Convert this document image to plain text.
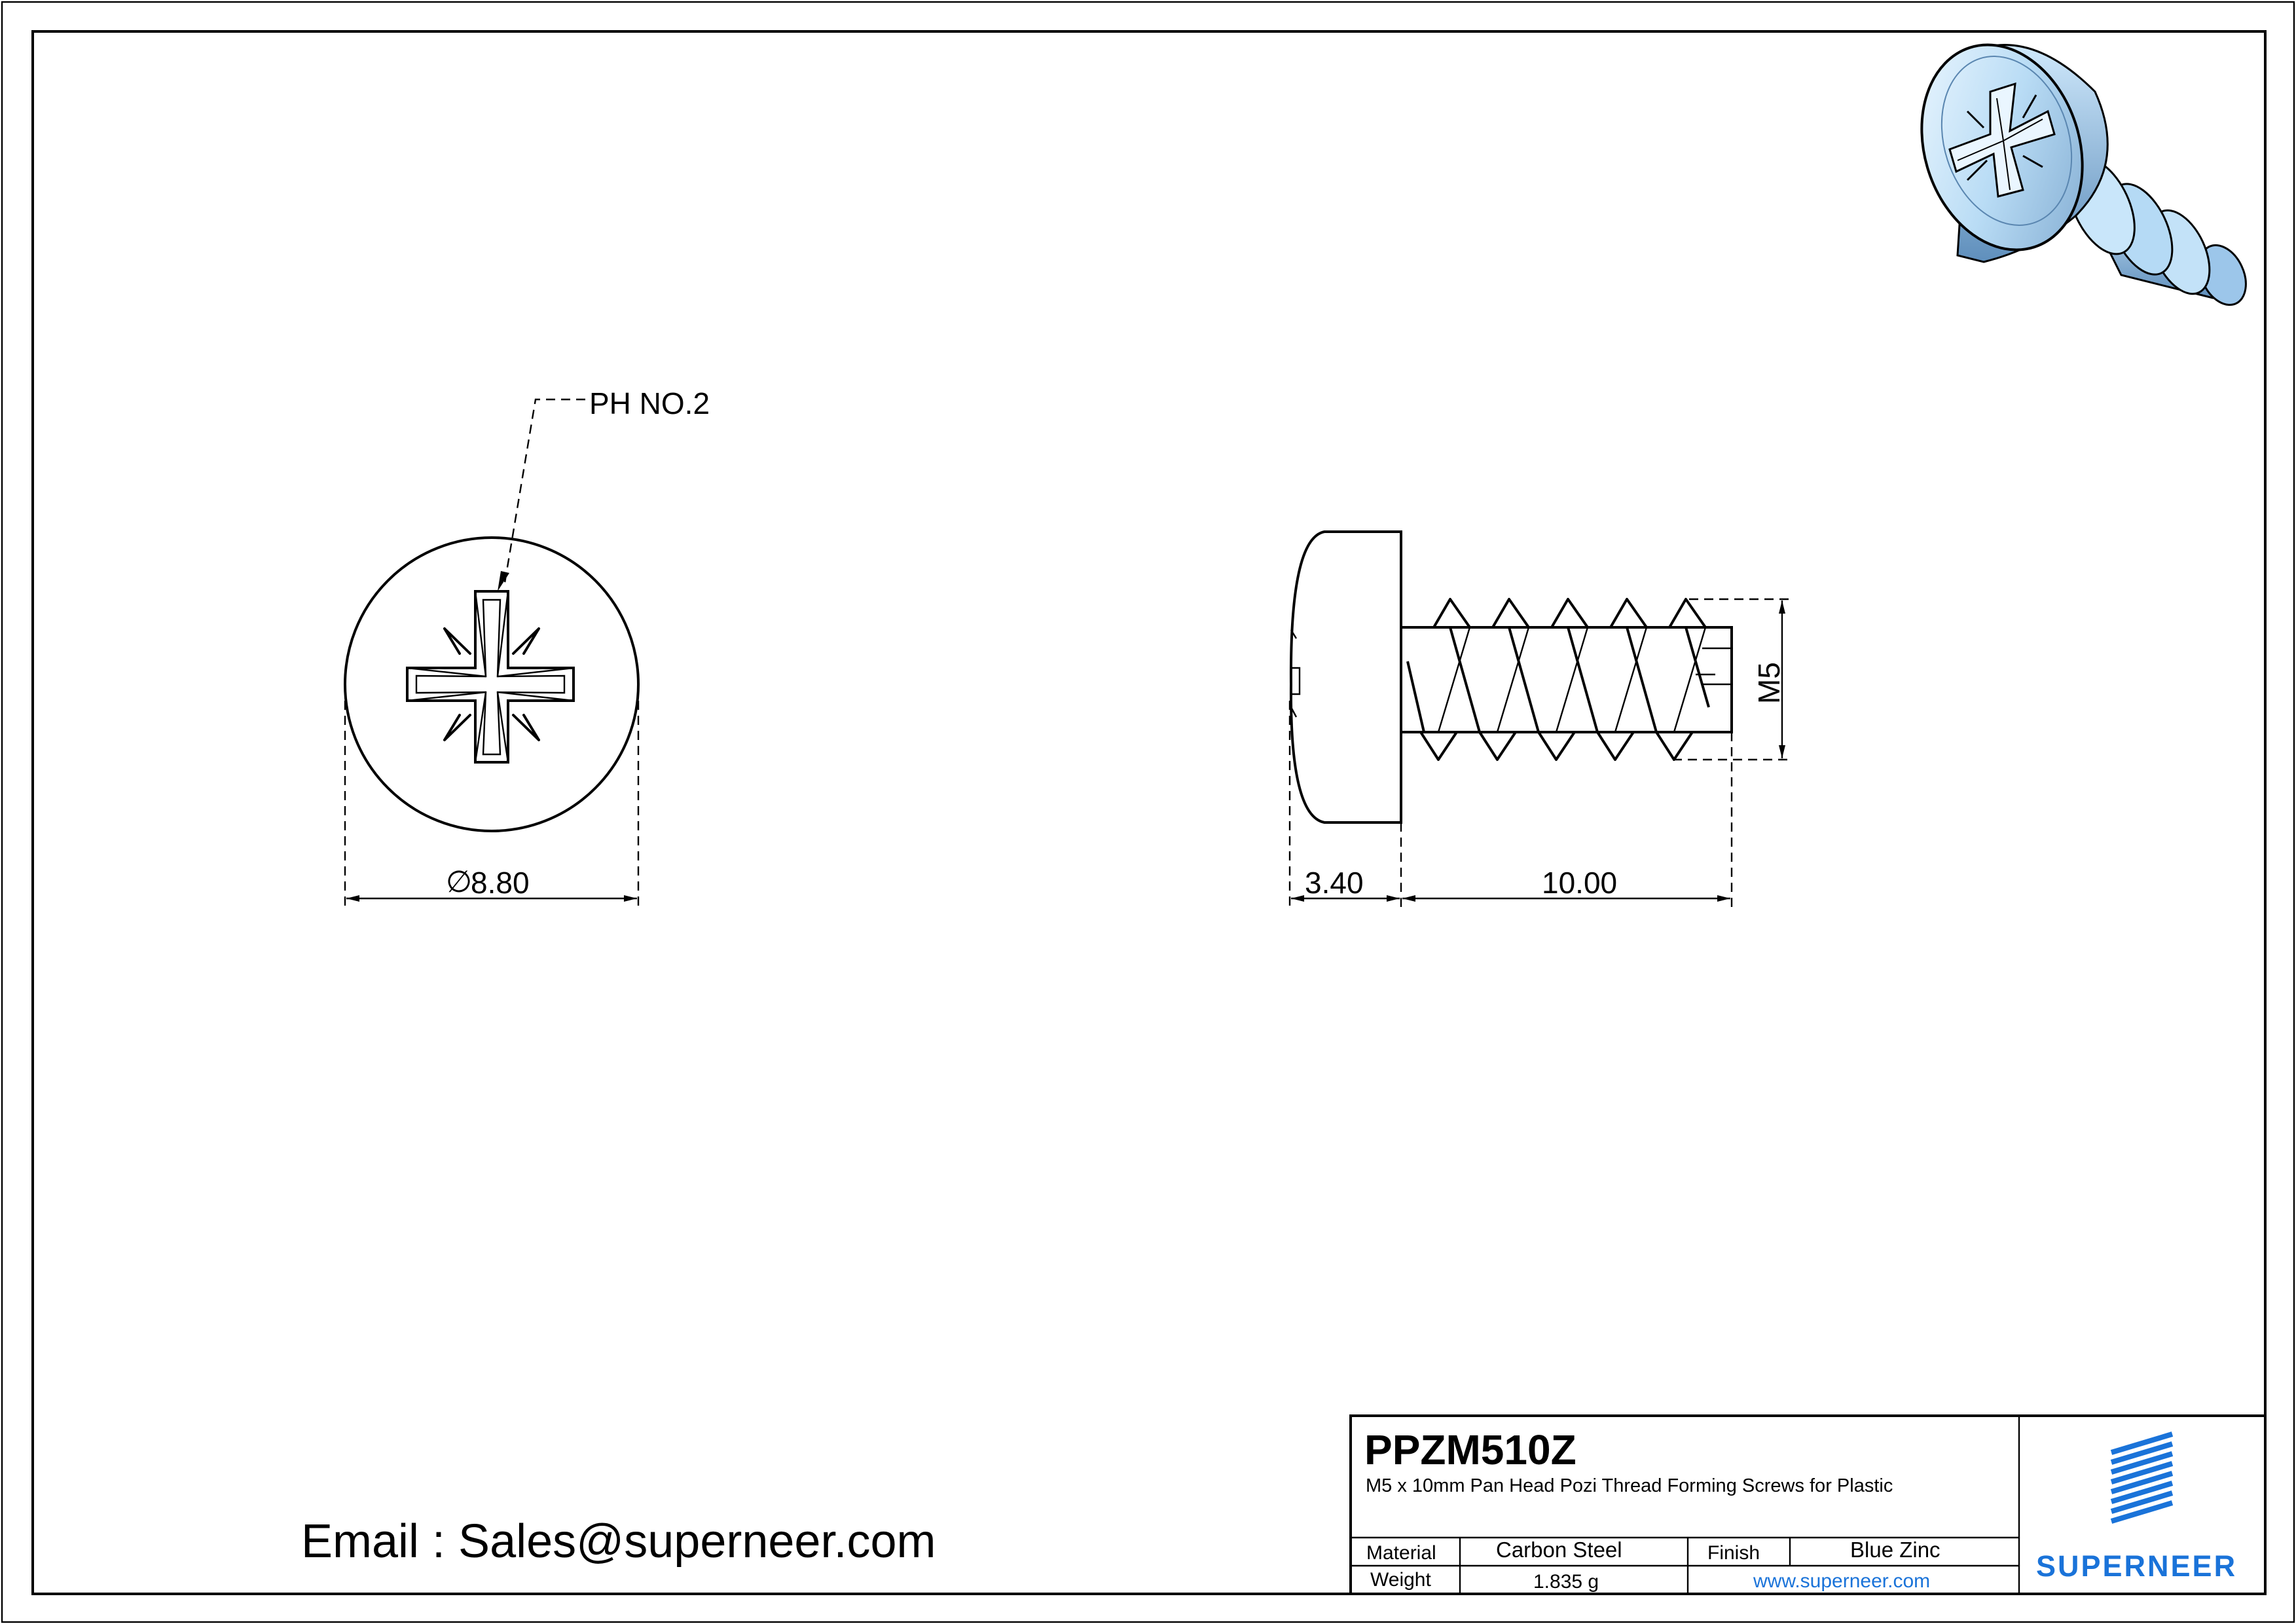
PH NO.2
∅
8.80
M5
3.40	10.00
Email : Sales@superneer.com
PPZM510Z
M5 x 10mm Pan Head Pozi Thread Forming Screws for Plastic
Material	Carbon Steel	Finish	Blue Zinc
Weight	1.835 g	www.superneer.com	SUPERNEER
